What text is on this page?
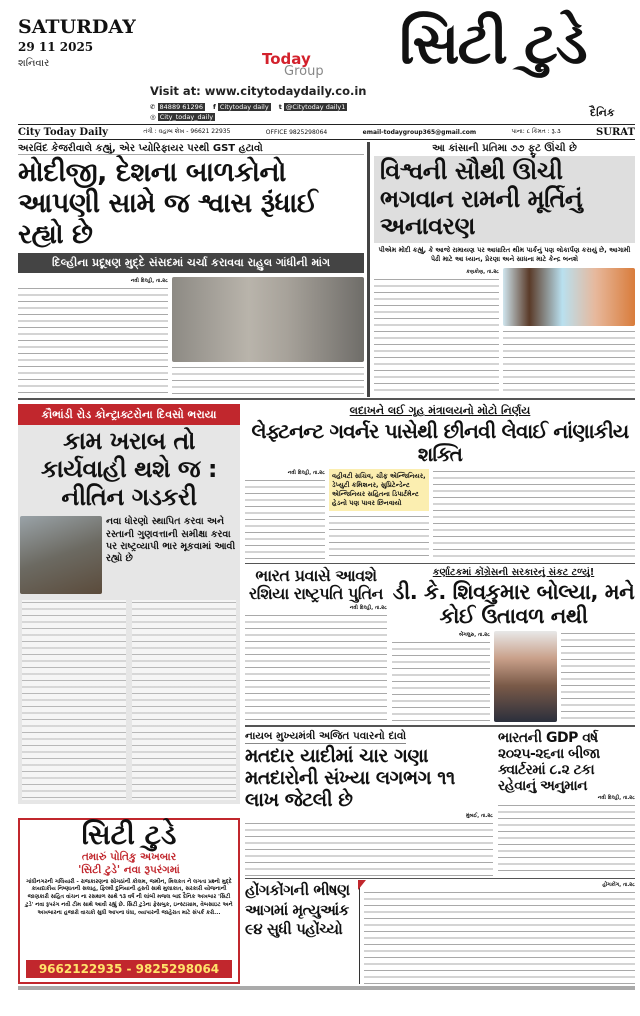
SATURDAY
29 11 2025
શનિવાર	Today
Group
Visit at: www.citytodaydaily.co.in
✆ 84889 61296	f Citytoday daily	t @Citytoday daily1
◎ City_today_daily
સિટી ટુડે
દૈનિક
City Today Daily	તંત્રી : વહાબ શેખ - 96621 22935	OFFICE 9825298064	email-todaygroup365@gmail.com	પાના: ૮ કિંમત : રૂ.૩	SURAT
અરવિંદ કેજરીવાલે કહ્યું, એર પ્યોરિફાયર પરથી GST હટાવો
મોદીજી, દેશના બાળકોનો આપણી સામે જ શ્વાસ રૂંધાઈ રહ્યો છે
દિલ્હીના પ્રદૂષણ મુદ્દે સંસદમાં ચર્ચા કરાવવા રાહુલ ગાંધીની માંગ
નવી દિલ્હી, તા.૨૮
આ કાંસાની પ્રતિમા ૭૭ ફૂટ ઊંચી છે
વિશ્વની સૌથી ઊંચી ભગવાન રામની મૂર્તિનું અનાવરણ
પીએમ મોદી કહ્યું, કે આજે રામાયણ પર આધારિત થીમ પાર્કનું પણ લોકાર્પણ કરાયું છે, આગામી પેઢી માટે આ ધ્યાન, પ્રેરણા અને સાધના માટે કેન્દ્ર બનશે
કણકોણ, તા.૨૮
કૌભાંડી રોડ કોન્ટ્રાક્ટરોના દિવસો ભરાયા
કામ ખરાબ તો કાર્યવાહી થશે જ : નીતિન ગડકરી
નવા ધોરણો સ્થાપિત કરવા અને રસ્તાની ગુણવત્તાની સમીક્ષા કરવા પર રાષ્ટ્રવ્યાપી ભાર મૂકવામાં આવી રહ્યો છે
લદાખને લઈ ગૃહ મંત્રાલયનો મોટો નિર્ણય
લેફ્ટનન્ટ ગવર્નર પાસેથી છીનવી લેવાઈ નાંણાકીય શક્તિ
નવી દિલ્હી, તા.૨૮	વહીવટી સચિવ, ચીફ એન્જિનિયર, ડેપ્યુટી કમિશનર, સુપ્રિટેન્ડેન્ટ એન્જિનિયર સહિતના ડિપાર્ટમેન્ટ હેડનો પણ પાવર છિનવાયો
ભારત પ્રવાસે આવશે રશિયા રાષ્ટ્રપતિ પુતિન
નવી દિલ્હી, તા.૨૮
કર્ણાટકમાં કોંગ્રેસની સરકારનું સંકટ ટળ્યું!
ડી. કે. શિવકુમાર બોલ્યા, મને કોઈ ઉતાવળ નથી
બેંગલુરુ, તા.૨૮
નાયબ મુખ્યમંત્રી અજિત પવારનો દાવો
મતદાર યાદીમાં ચાર ગણા મતદારોની સંખ્યા લગભગ ૧૧ લાખ જેટલી છે
મુંબઈ, તા.૨૮
ભારતની GDP વર્ષ ૨૦૨૫-૨૬ના બીજા ક્વાર્ટરમાં ૮.૨ ટકા રહેવાનું અનુમાન
નવી દિલ્હી, તા.૨૮
હોંગકોંગની ભીષણ આગમાં મૃત્યુઆંક ૯૪ સુધી પહોંચ્યો
હોંગકોંગ, તા.૨૮
સિટી ટુડે
તમારું પોતિકુ અખબાર
'સિટી ટુડે' નવા રૂપરંગમાં
ગાંધીનગરની ગલિયારી - રાજકારણના સોગઠાંની કોલમ, જમીન, મિલકત ને લગતા પ્રશ્નો મુદ્દે કાયદાકીય નિષ્ણાતની સલાહ, ફિલ્મી દુનિયાની હસ્તી સાથે મુલાકાત, સરકારી યોજનાની જાણકારી સહિત વાંચન ના રસથાળ સાથે ૧૩ વર્ષ ની લાંબી મજલ બાદ દૈનિક અખબાર 'સિટી ટુડે' નવા રૂપરંગ નવી ટીમ સાથે આવી રહ્યું છે. સિટી ટુડેના ફેસબુક, ઇન્સ્ટાગ્રામ, વેબસાઇટ અને અખબારના હજારો વાચકો સુધી આપના ધંધા, વ્યાપારની જાહેરાત માટે સંપર્ક કરો...
9662122935 - 9825298064
